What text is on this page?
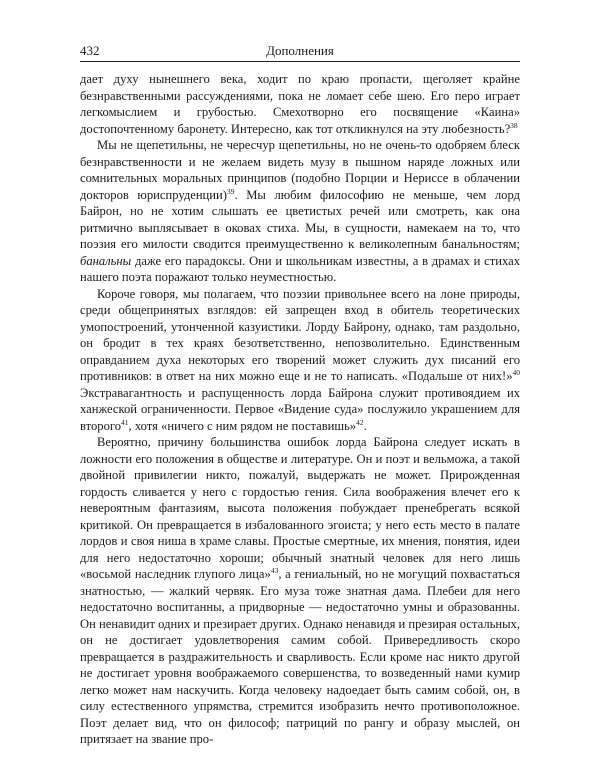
432	Дополнения

дает духу нынешнего века, ходит по краю пропасти, щеголяет крайне безнравственными рассуждениями, пока не ломает себе шею. Его перо играет легкомыслием и грубостью. Смехотворно его посвящение «Каина» достопочтенному баронету. Интересно, как тот откликнулся на эту любезность?$^{38}$

Мы не щепетильны, не чересчур щепетильны, но не очень-то одобряем блеск безнравственности и не желаем видеть музу в пышном наряде ложных или сомнительных моральных принципов (подобно Порции и Нериссе в облачении докторов юриспруденции)$^{39}$. Мы любим философию не меньше, чем лорд Байрон, но не хотим слышать ее цветистых речей или смотреть, как она ритмично выплясывает в оковах стиха. Мы, в сущности, намекаем на то, что поэзия его милости сводится преимущественно к великолепным банальностям; банальны даже его парадоксы. Они и школьникам известны, а в драмах и стихах нашего поэта поражают только неуместностью.

Короче говоря, мы полагаем, что поэзии привольнее всего на лоне природы, среди общепринятых взглядов: ей запрещен вход в обитель теоретических умопостроений, утонченной казуистики. Лорду Байрону, однако, там раздольно, он бродит в тех краях безответственно, непозволительно. Единственным оправданием духа некоторых его творений может служить дух писаний его противников: в ответ на них можно еще и не то написать. «Подальше от них!»$^{40}$ Экстравагантность и распущенность лорда Байрона служит противоядием их ханжеской ограниченности. Первое «Видение суда» послужило украшением для второго$^{41}$, хотя «ничего с ним рядом не поставишь»$^{42}$.

Вероятно, причину большинства ошибок лорда Байрона следует искать в ложности его положения в обществе и литературе. Он и поэт и вельможа, а такой двойной привилегии никто, пожалуй, выдержать не может. Прирожденная гордость сливается у него с гордостью гения. Сила воображения влечет его к невероятным фантазиям, высота положения побуждает пренебрегать всякой критикой. Он превращается в избалованного эгоиста; у него есть место в палате лордов и своя ниша в храме славы. Простые смертные, их мнения, понятия, идеи для него недостаточно хороши; обычный знатный человек для него лишь «восьмой наследник глупого лица»$^{43}$, а гениальный, но не могущий похвастаться знатностью, — жалкий червяк. Его муза тоже знатная дама. Плебеи для него недостаточно воспитанны, а придворные — недостаточно умны и образованны. Он ненавидит одних и презирает других. Однако ненавидя и презирая остальных, он не достигает удовлетворения самим собой. Привередливость скоро превращается в раздражительность и сварливость. Если кроме нас никто другой не достигает уровня воображаемого совершенства, то возведенный нами кумир легко может нам наскучить. Когда человеку надоедает быть самим собой, он, в силу естественного упрямства, стремится изобразить нечто противоположное. Поэт делает вид, что он философ; патриций по рангу и образу мыслей, он притязает на звание про-
